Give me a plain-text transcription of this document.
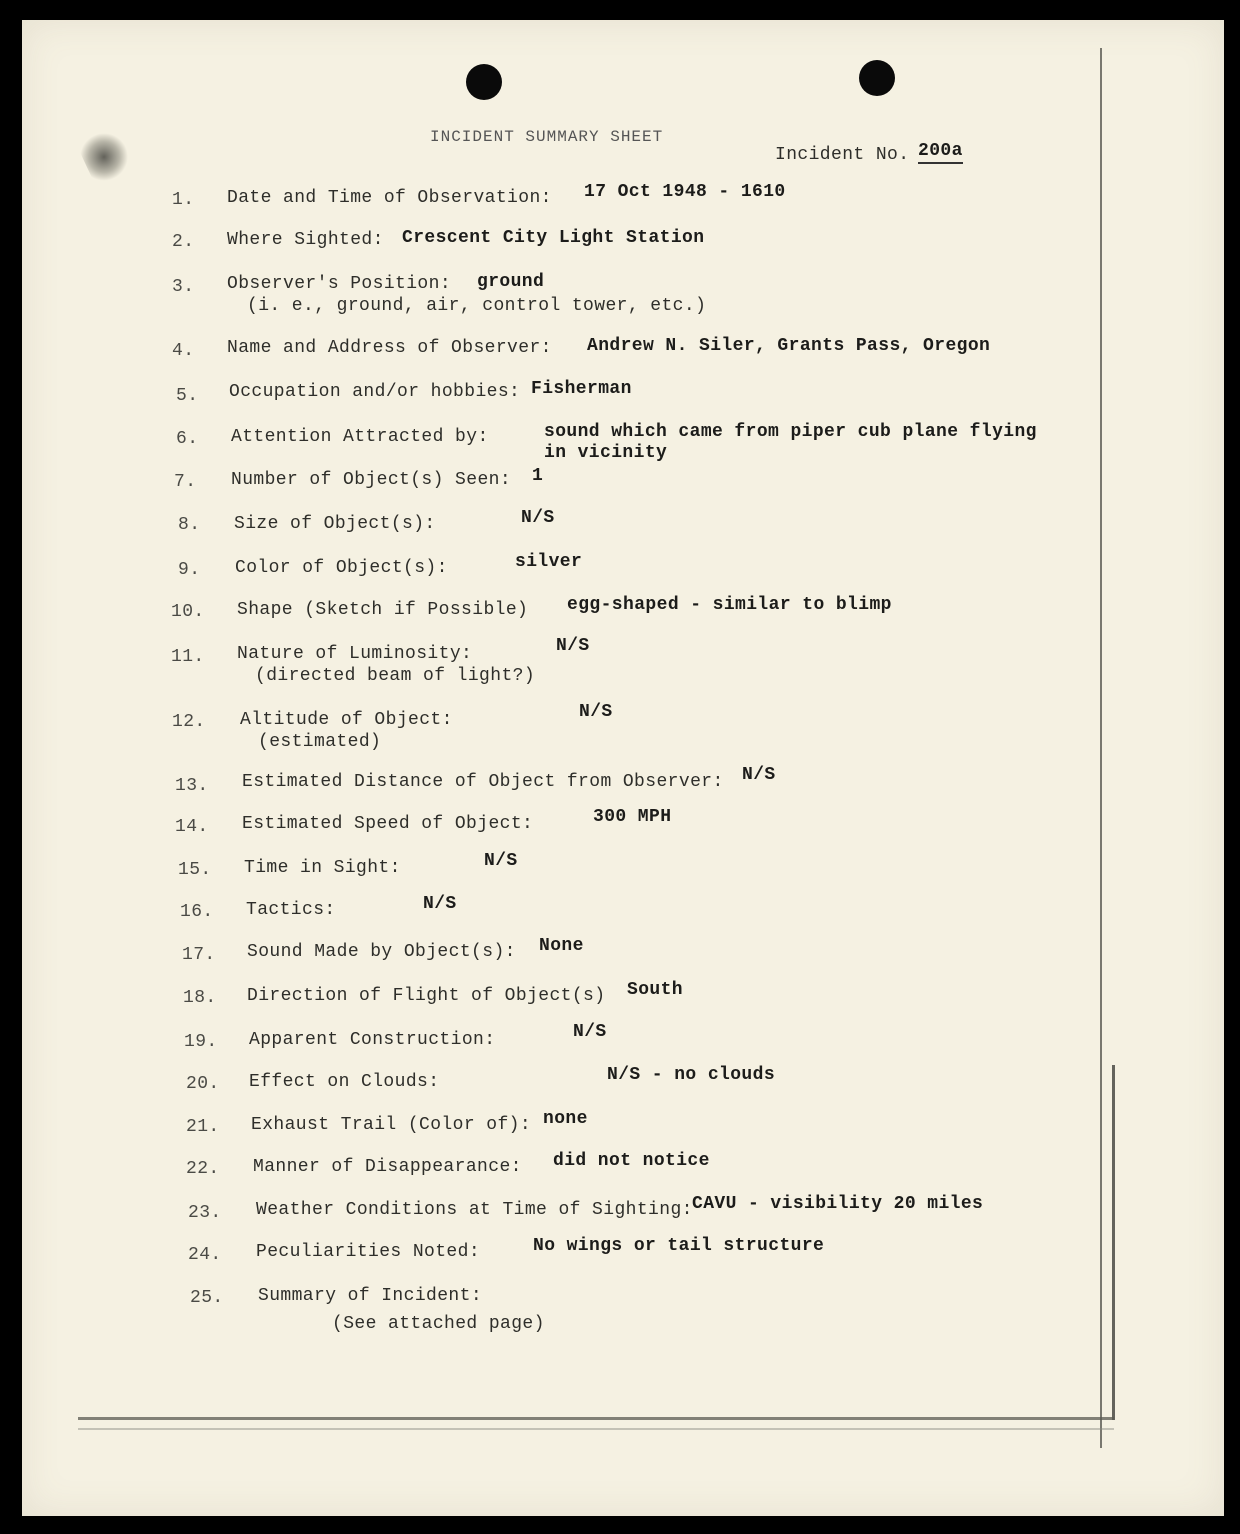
INCIDENT SUMMARY SHEET
Incident No. 200a
1. Date and Time of Observation: 17 Oct 1948 - 1610
2. Where Sighted: Crescent City Light Station
3. Observer's Position:
(i. e., ground, air, control tower, etc.)
ground
4. Name and Address of Observer: Andrew N. Siler, Grants Pass, Oregon
5. Occupation and/or hobbies: Fisherman
6. Attention Attracted by:	sound which came from piper cub plane flying
in vicinity
7. Number of Object(s) Seen: 1
8. Size of Object(s):	N/S
9. Color of Object(s):	silver
10. Shape (Sketch if Possible) egg-shaped - similar to blimp
11. Nature of Luminosity:
(directed beam of light?)
N/S
12. Altitude of Object:
(estimated)
N/S
13. Estimated Distance of Object from Observer: N/S
14. Estimated Speed of Object:	300 MPH
15. Time in Sight:	N/S
16. Tactics:	N/S
17. Sound Made by Object(s): None
18. Direction of Flight of Object(s) South
19. Apparent Construction:	N/S
20. Effect on Clouds:	N/S - no clouds
21. Exhaust Trail (Color of): none
22. Manner of Disappearance: did not notice
23. Weather Conditions at Time of Sighting: CAVU - visibility 20 miles
24. Peculiarities Noted:	No wings or tail structure
25. Summary of Incident:
(See attached page)
